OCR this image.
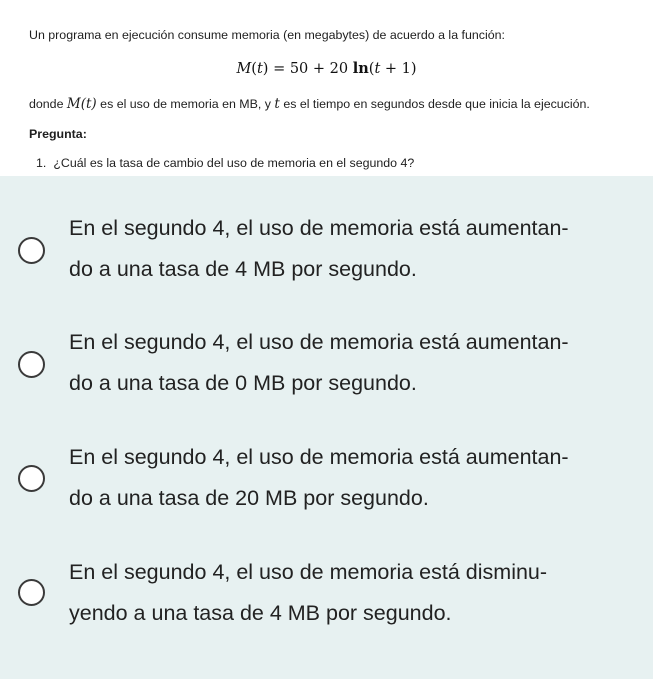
Un programa en ejecución consume memoria (en megabytes) de acuerdo a la función:
M(t) = 50 + 20 ln(t + 1)
donde M(t) es el uso de memoria en MB, y t es el tiempo en segundos desde que inicia la ejecución.
Pregunta:
1. ¿Cuál es la tasa de cambio del uso de memoria en el segundo 4?
En el segundo 4, el uso de memoria está aumentan-
do a una tasa de 4 MB por segundo.
En el segundo 4, el uso de memoria está aumentan-
do a una tasa de 0 MB por segundo.
En el segundo 4, el uso de memoria está aumentan-
do a una tasa de 20 MB por segundo.
En el segundo 4, el uso de memoria está disminu-
yendo a una tasa de 4 MB por segundo.
